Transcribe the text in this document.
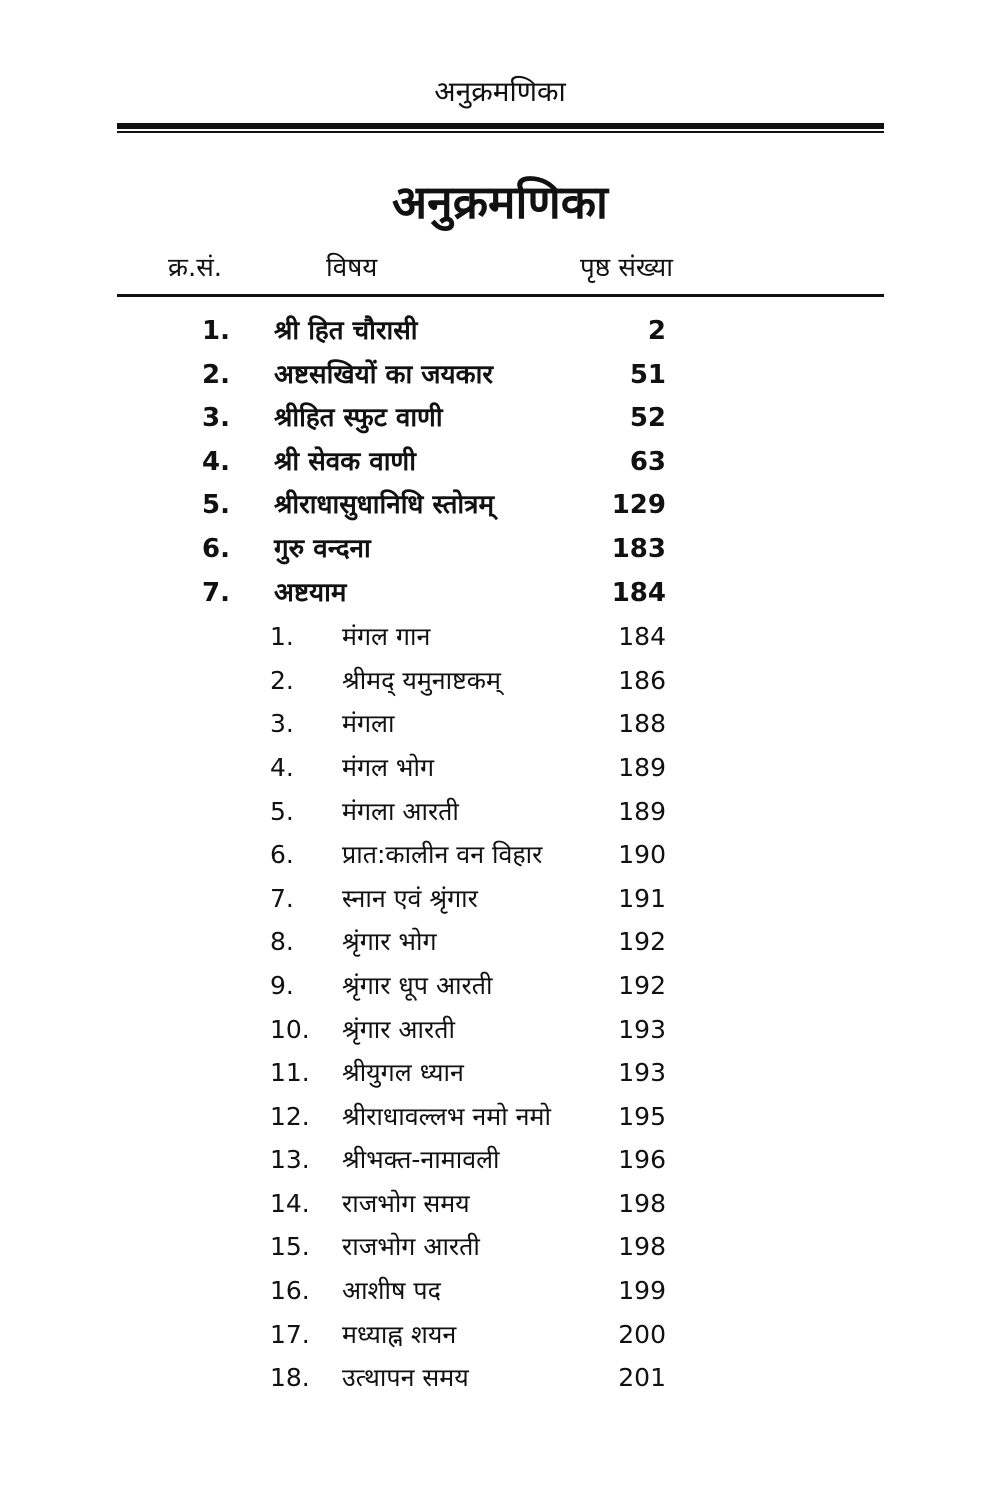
अनुक्रमणिका
अनुक्रमणिका
क्र.सं.	विषय	पृष्ठ संख्या
1. श्री हित चौरासी	2
2. अष्टसखियों का जयकार	51
3. श्रीहित स्फुट वाणी	52
4. श्री सेवक वाणी	63
5. श्रीराधासुधानिधि स्तोत्रम्	129
6. गुरु वन्दना	183
7. अष्टयाम	184
1. मंगल गान	184
2. श्रीमद् यमुनाष्टकम्	186
3. मंगला	188
4. मंगल भोग	189
5. मंगला आरती	189
6. प्रात:कालीन वन विहार	190
7. स्नान एवं श्रृंगार	191
8. श्रृंगार भोग	192
9. श्रृंगार धूप आरती	192
10. श्रृंगार आरती	193
11. श्रीयुगल ध्यान	193
12. श्रीराधावल्लभ नमो नमो	195
13. श्रीभक्त-नामावली	196
14. राजभोग समय	198
15. राजभोग आरती	198
16. आशीष पद	199
17. मध्याह्न शयन	200
18. उत्थापन समय	201
